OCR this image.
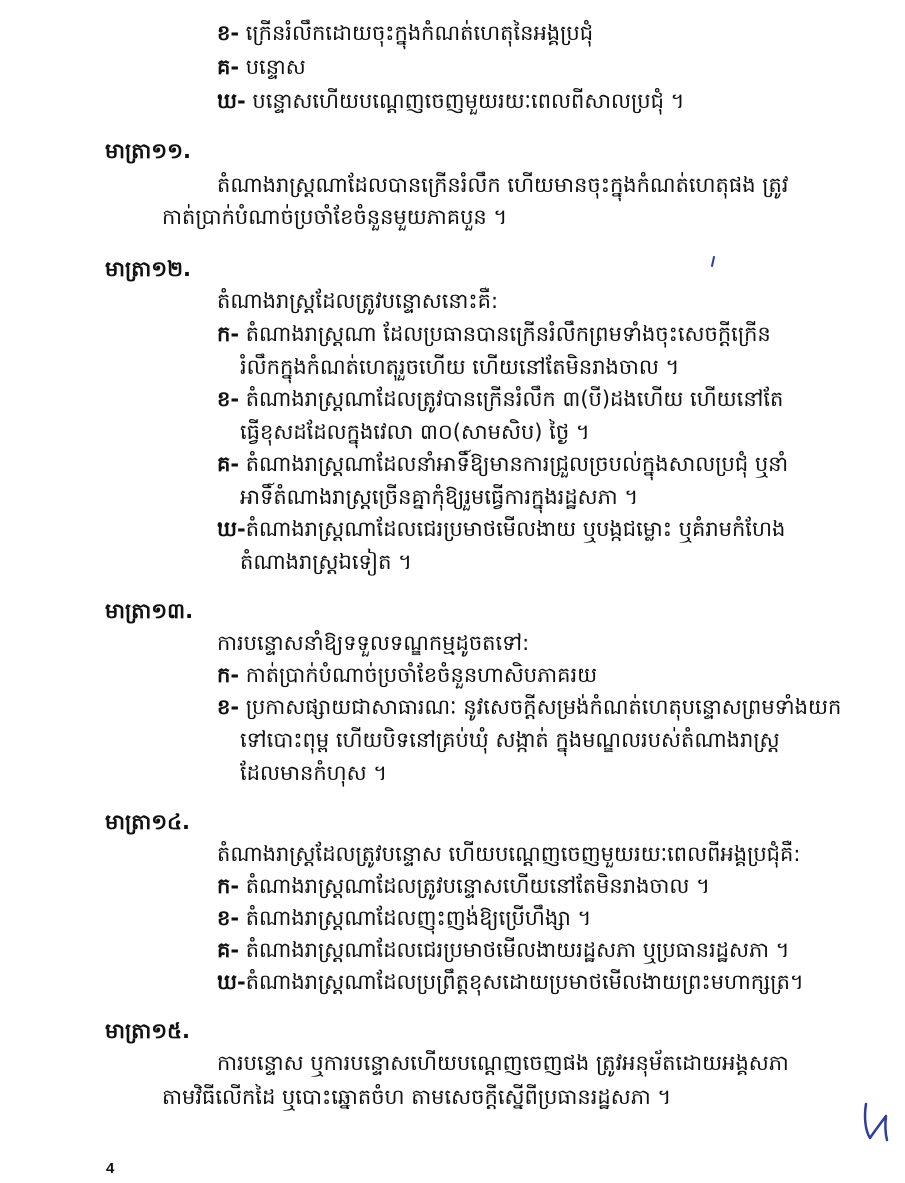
ខ- ក្រើនរំលឹកដោយចុះក្នុងកំណត់ហេតុនៃអង្គប្រជុំ
គ- បន្ទោស
ឃ- បន្ទោសហើយបណ្តេញចេញមួយរយៈពេលពីសាលប្រជុំ ។
មាត្រា១១.
តំណាងរាស្ត្រណាដែលបានក្រើនរំលឹក ហើយមានចុះក្នុងកំណត់ហេតុផង ត្រូវ
កាត់ប្រាក់បំណាច់ប្រចាំខែចំនួនមួយភាគបួន ។
មាត្រា១២.
តំណាងរាស្ត្រដែលត្រូវបន្ទោសនោះគឺ:
ក- តំណាងរាស្ត្រណា ដែលប្រធានបានក្រើនរំលឹកព្រមទាំងចុះសេចក្តីក្រើន
រំលឹកក្នុងកំណត់ហេតុរួចហើយ ហើយនៅតែមិនរាងចាល ។
ខ- តំណាងរាស្ត្រណាដែលត្រូវបានក្រើនរំលឹក ៣(បី)ដងហើយ ហើយនៅតែ
ធ្វើខុសដដែលក្នុងវេលា ៣០(សាមសិប) ថ្ងៃ ។
គ- តំណាងរាស្ត្រណាដែលនាំអាទិ៍ឱ្យមានការជ្រួលច្របល់ក្នុងសាលប្រជុំ ឬនាំ
អាទិ៍តំណាងរាស្ត្រច្រើនគ្នាកុំឱ្យរួមធ្វើការក្នុងរដ្ឋសភា ។
ឃ-តំណាងរាស្ត្រណាដែលជេរប្រមាថមើលងាយ ឬបង្កជម្លោះ ឬគំរាមកំហែង
តំណាងរាស្ត្រឯទៀត ។
មាត្រា១៣.
ការបន្ទោសនាំឱ្យទទួលទណ្ឌកម្មដូចតទៅ:
ក- កាត់ប្រាក់បំណាច់ប្រចាំខែចំនួនហាសិបភាគរយ
ខ- ប្រកាសផ្សាយជាសាធារណៈ នូវសេចក្តីសម្រង់កំណត់ហេតុបន្ទោសព្រមទាំងយក
ទៅបោះពុម្ព ហើយបិទនៅគ្រប់ឃុំ សង្កាត់ ក្នុងមណ្ឌលរបស់តំណាងរាស្ត្រ
ដែលមានកំហុស ។
មាត្រា១៤.
តំណាងរាស្ត្រដែលត្រូវបន្ទោស ហើយបណ្តេញចេញមួយរយៈពេលពីអង្គប្រជុំគឺ:
ក- តំណាងរាស្ត្រណាដែលត្រូវបន្ទោសហើយនៅតែមិនរាងចាល ។
ខ- តំណាងរាស្ត្រណាដែលញុះញង់ឱ្យប្រើហឹង្សា ។
គ- តំណាងរាស្ត្រណាដែលជេរប្រមាថមើលងាយរដ្ឋសភា ឬប្រធានរដ្ឋសភា ។
ឃ-តំណាងរាស្ត្រណាដែលប្រព្រឹត្តខុសដោយប្រមាថមើលងាយព្រះមហាក្សត្រ។
មាត្រា១៥.
ការបន្ទោស ឬការបន្ទោសហើយបណ្តេញចេញផង ត្រូវអនុម័តដោយអង្គសភា
តាមវិធីលើកដៃ ឬបោះឆ្នោតចំហ តាមសេចក្តីស្នើពីប្រធានរដ្ឋសភា ។
4
